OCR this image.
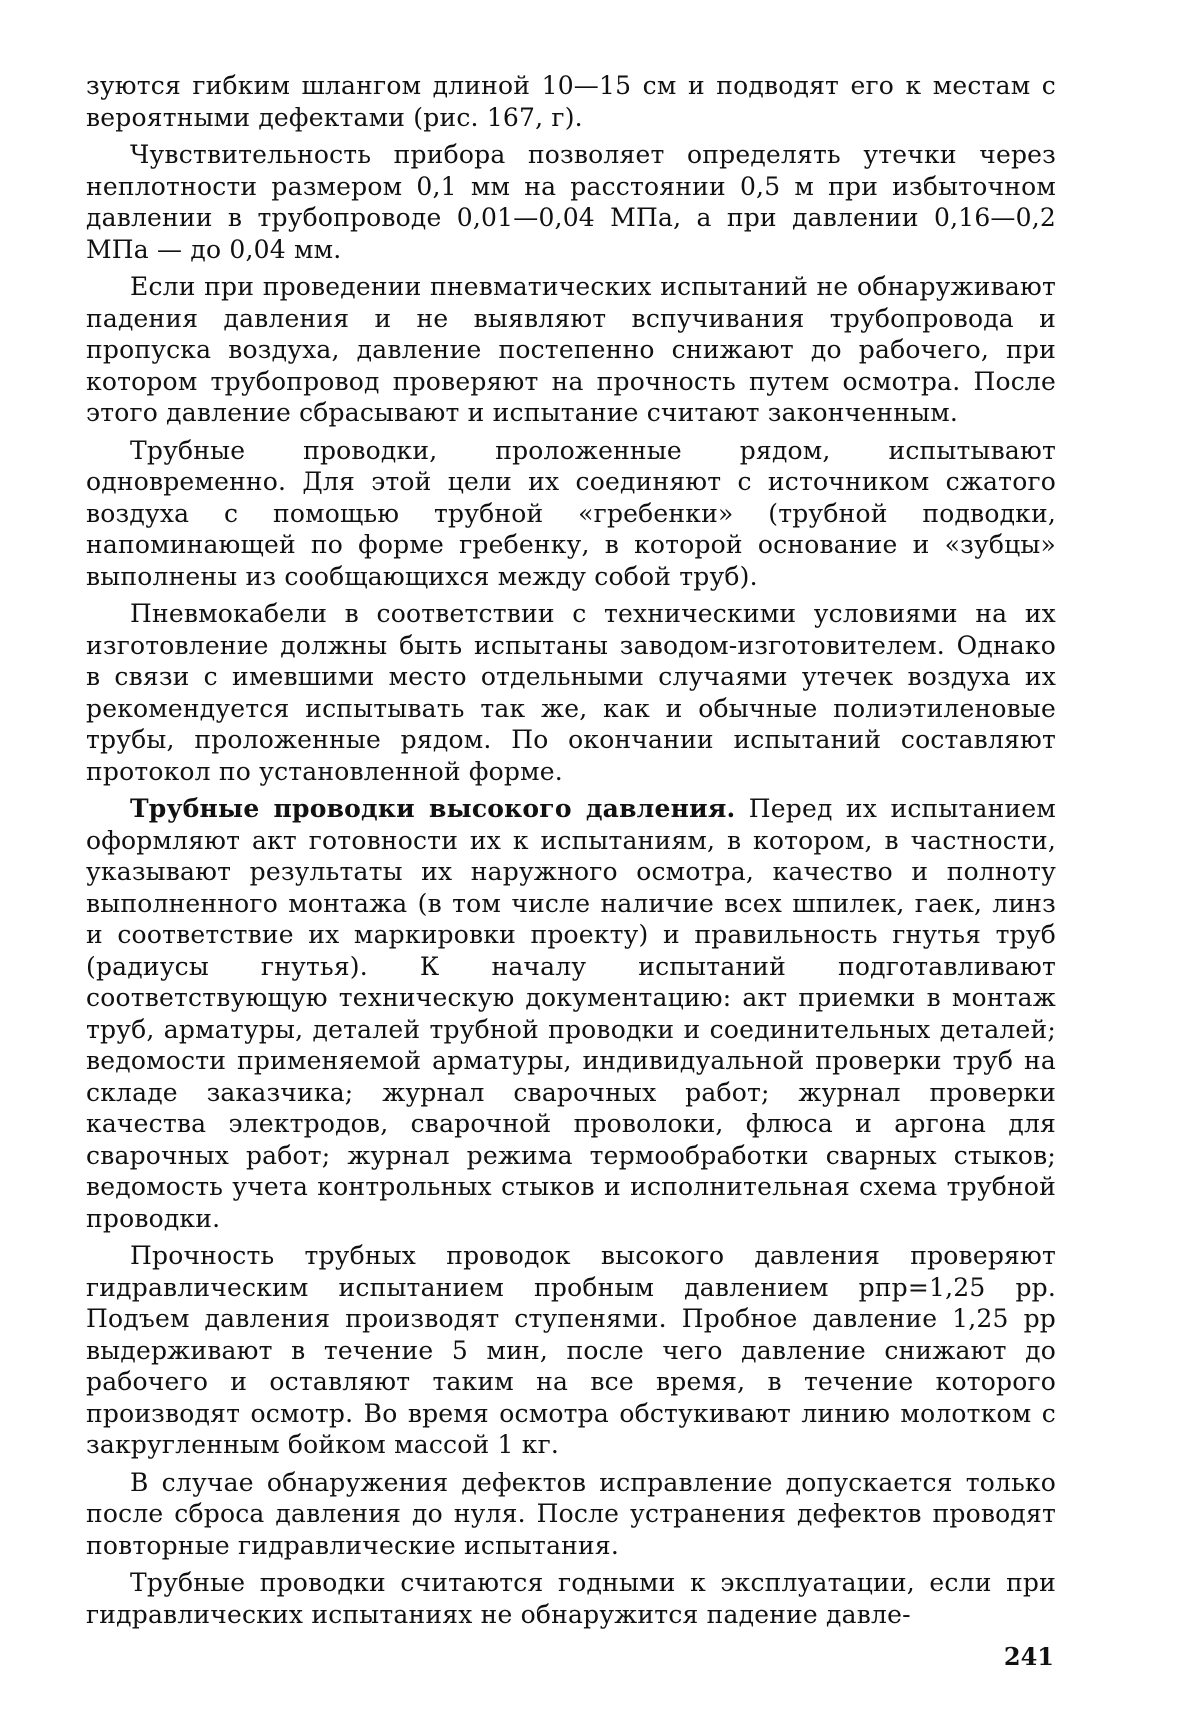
зуются гибким шлангом длиной 10—15 см и подводят его к местам с вероятными дефектами (рис. 167, г).

Чувствительность прибора позволяет определять утечки через неплотности размером 0,1 мм на расстоянии 0,5 м при избыточном давлении в трубопроводе 0,01—0,04 МПа, а при давлении 0,16—0,2 МПа — до 0,04 мм.

Если при проведении пневматических испытаний не обнаруживают падения давления и не выявляют вспучивания трубопровода и пропуска воздуха, давление постепенно снижают до рабочего, при котором трубопровод проверяют на прочность путем осмотра. После этого давление сбрасывают и испытание считают законченным.

Трубные проводки, проложенные рядом, испытывают одновременно. Для этой цели их соединяют с источником сжатого воздуха с помощью трубной «гребенки» (трубной подводки, напоминающей по форме гребенку, в которой основание и «зубцы» выполнены из сообщающихся между собой труб).

Пневмокабели в соответствии с техническими условиями на их изготовление должны быть испытаны заводом-изготовителем. Однако в связи с имевшими место отдельными случаями утечек воздуха их рекомендуется испытывать так же, как и обычные полиэтиленовые трубы, проложенные рядом. По окончании испытаний составляют протокол по установленной форме.

Трубные проводки высокого давления. Перед их испытанием оформляют акт готовности их к испытаниям, в котором, в частности, указывают результаты их наружного осмотра, качество и полноту выполненного монтажа (в том числе наличие всех шпилек, гаек, линз и соответствие их маркировки проекту) и правильность гнутья труб (радиусы гнутья). К началу испытаний подготавливают соответствующую техническую документацию: акт приемки в монтаж труб, арматуры, деталей трубной проводки и соединительных деталей; ведомости применяемой арматуры, индивидуальной проверки труб на складе заказчика; журнал сварочных работ; журнал проверки качества электродов, сварочной проволоки, флюса и аргона для сварочных работ; журнал режима термообработки сварных стыков; ведомость учета контрольных стыков и исполнительная схема трубной проводки.

Прочность трубных проводок высокого давления проверяют гидравлическим испытанием пробным давлением pпр=1,25 pр. Подъем давления производят ступенями. Пробное давление 1,25 pр выдерживают в течение 5 мин, после чего давление снижают до рабочего и оставляют таким на все время, в течение которого производят осмотр. Во время осмотра обстукивают линию молотком с закругленным бойком массой 1 кг.

В случае обнаружения дефектов исправление допускается только после сброса давления до нуля. После устранения дефектов проводят повторные гидравлические испытания.

Трубные проводки считаются годными к эксплуатации, если при гидравлических испытаниях не обнаружится падение давле-

241
